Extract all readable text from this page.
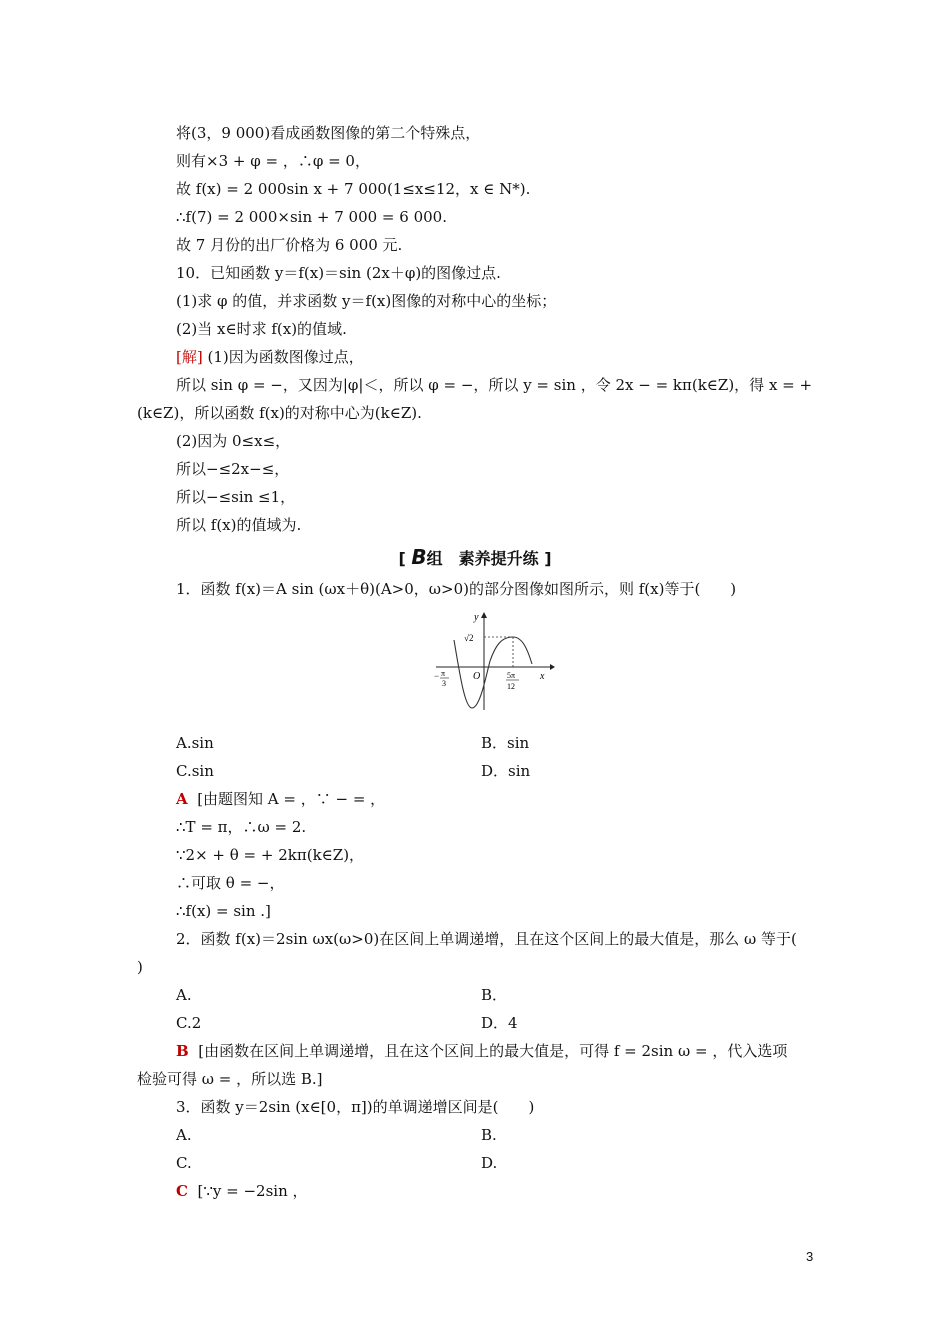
将(3，9 000)看成函数图像的第二个特殊点，
则有×3 + φ = ，∴φ = 0，
故 f(x) = 2 000sin x + 7 000(1≤x≤12，x ∈ N*).
∴f(7) = 2 000×sin + 7 000 = 6 000.
故 7 月份的出厂价格为 6 000 元.
10．已知函数 y＝f(x)＝sin (2x＋φ)的图像过点.
(1)求 φ 的值，并求函数 y＝f(x)图像的对称中心的坐标；
(2)当 x∈时求 f(x)的值域.
[解] (1)因为函数图像过点，
所以 sin φ = −，又因为|φ|＜，所以 φ = −，所以 y = sin ，令 2x − = kπ(k∈Z)，得 x = +
(k∈Z)，所以函数 f(x)的对称中心为(k∈Z).
(2)因为 0≤x≤，
所以−≤2x−≤，
所以−≤sin ≤1，
所以 f(x)的值域为.
[ B组　素养提升练 ]
1．函数 f(x)＝A sin (ωx＋θ)(A>0，ω>0)的部分图像如图所示，则 f(x)等于(　　)
y
x
O
√2
− π
3
5π
12
A.sin	B．sin
C.sin	D．sin
A [由题图知 A = ，∵ − = ，
∴T = π，∴ω = 2.
∵2× + θ = + 2kπ(k∈Z)，
∴可取 θ = −，
∴f(x) = sin .]
2．函数 f(x)＝2sin ωx(ω>0)在区间上单调递增，且在这个区间上的最大值是，那么 ω 等于(
)
A.	B．
C.2	D．4
B [由函数在区间上单调递增，且在这个区间上的最大值是，可得 f = 2sin ω = ，代入选项
检验可得 ω = ，所以选 B.]
3．函数 y＝2sin (x∈[0，π])的单调递增区间是(　　)
A.	B.
C.	D.
C [∵y = −2sin ，
3
